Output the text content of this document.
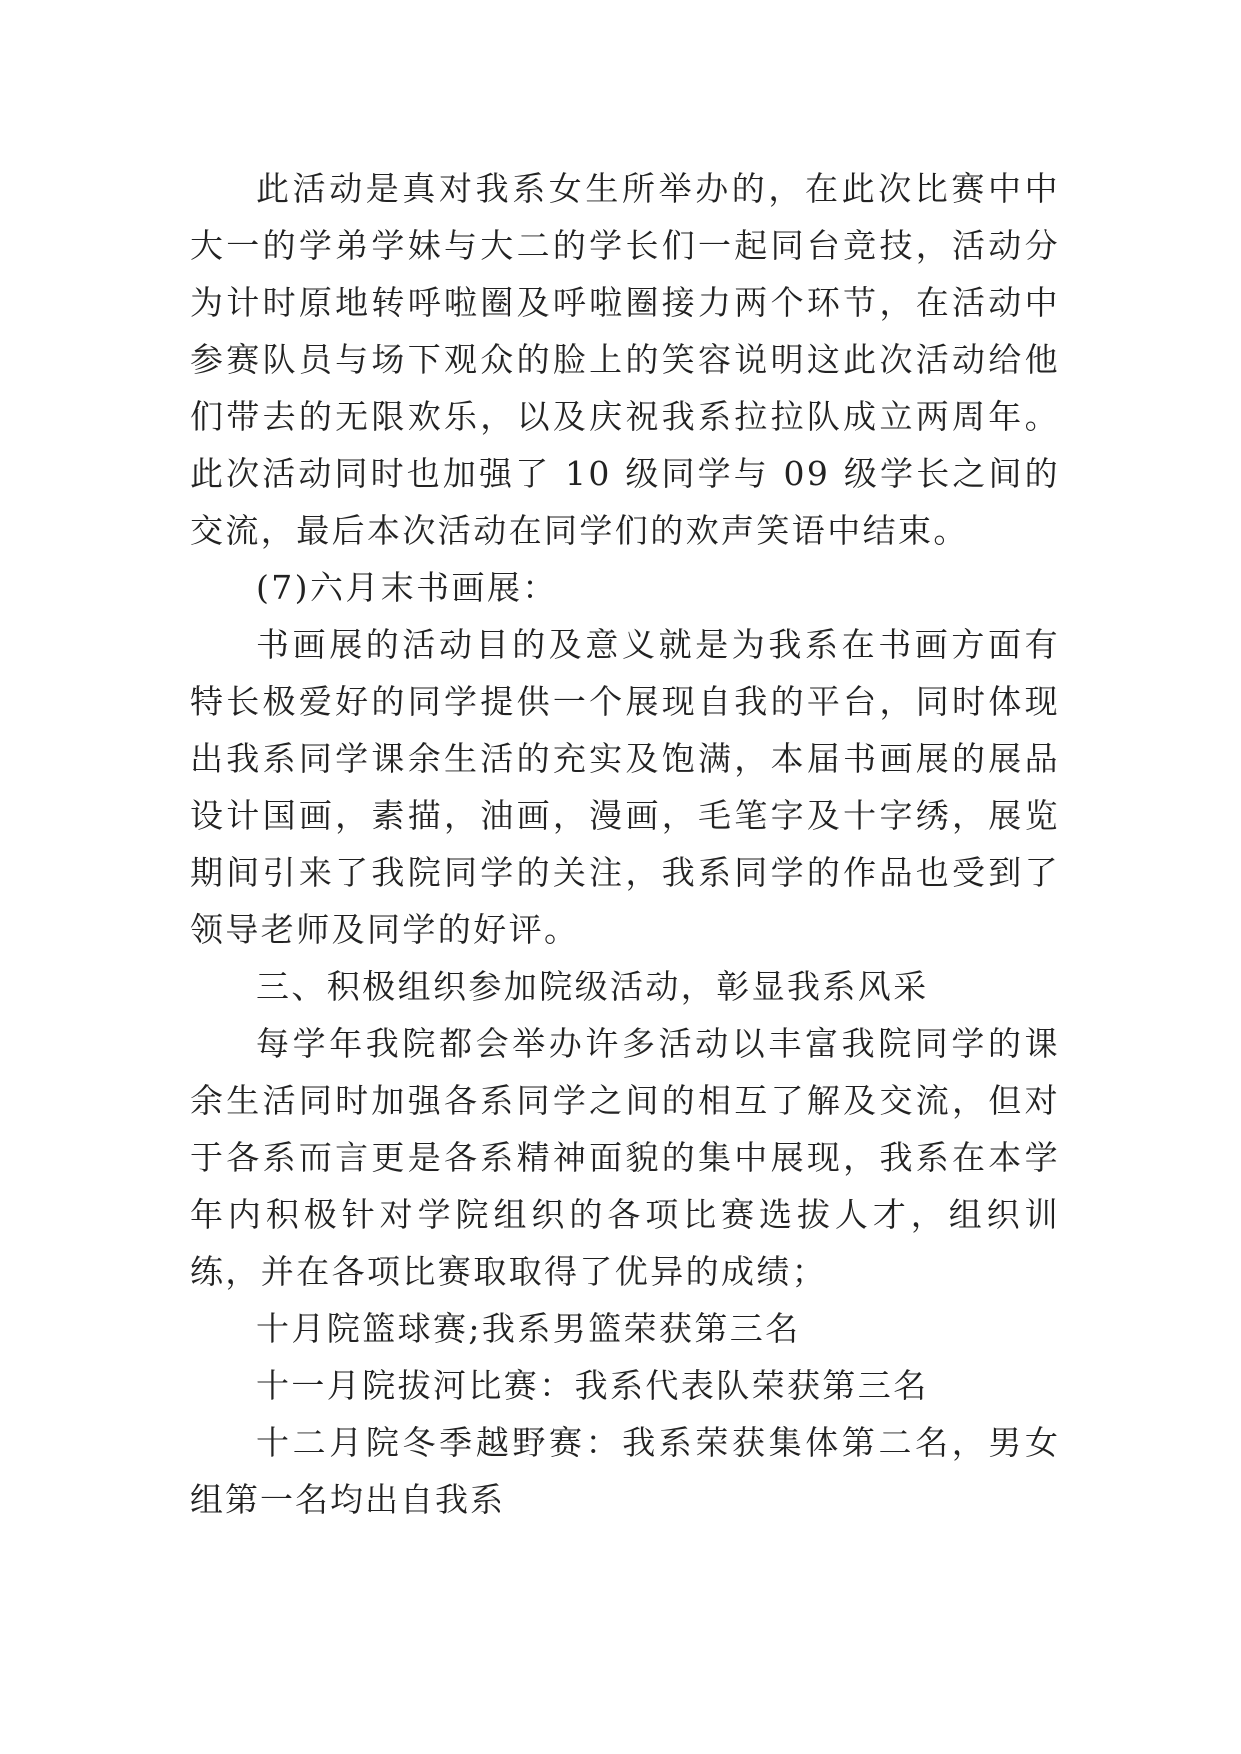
此活动是真对我系女生所举办的，在此次比赛中中大一的学弟学妹与大二的学长们一起同台竞技，活动分为计时原地转呼啦圈及呼啦圈接力两个环节，在活动中参赛队员与场下观众的脸上的笑容说明这此次活动给他们带去的无限欢乐，以及庆祝我系拉拉队成立两周年。此次活动同时也加强了 10 级同学与 09 级学长之间的交流，最后本次活动在同学们的欢声笑语中结束。

(7)六月末书画展：

书画展的活动目的及意义就是为我系在书画方面有特长极爱好的同学提供一个展现自我的平台，同时体现出我系同学课余生活的充实及饱满，本届书画展的展品设计国画，素描，油画，漫画，毛笔字及十字绣，展览期间引来了我院同学的关注，我系同学的作品也受到了领导老师及同学的好评。

三、积极组织参加院级活动，彰显我系风采

每学年我院都会举办许多活动以丰富我院同学的课余生活同时加强各系同学之间的相互了解及交流，但对于各系而言更是各系精神面貌的集中展现，我系在本学年内积极针对学院组织的各项比赛选拔人才，组织训练，并在各项比赛取取得了优异的成绩；

十月院篮球赛;我系男篮荣获第三名

十一月院拔河比赛：我系代表队荣获第三名

十二月院冬季越野赛：我系荣获集体第二名，男女组第一名均出自我系
